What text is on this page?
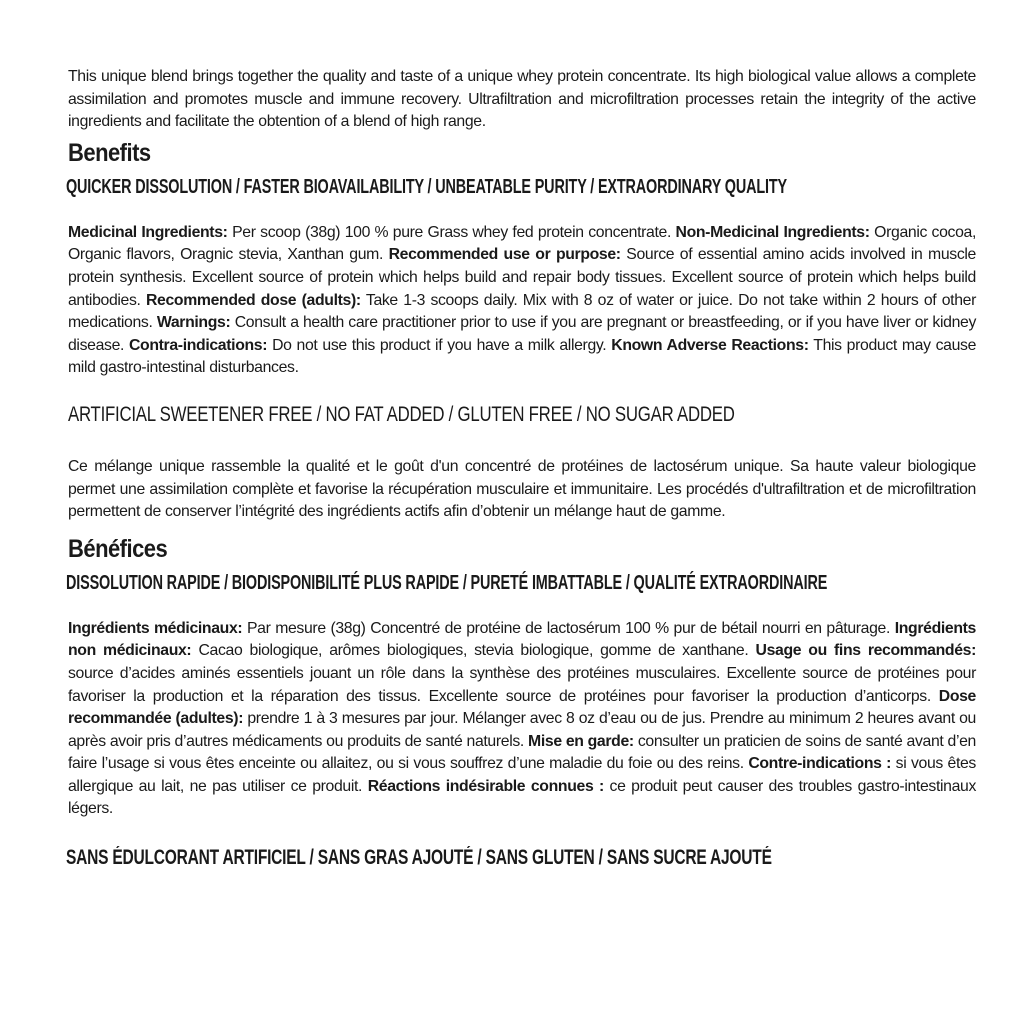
This unique blend brings together the quality and taste of a unique whey protein concentrate. Its high biological value allows a complete assimilation and promotes muscle and immune recovery. Ultrafiltration and microfiltration processes retain the integrity of the active ingredients and facilitate the obtention of a blend of high range.

Benefits
QUICKER DISSOLUTION / FASTER BIOAVAILABILITY / UNBEATABLE PURITY / EXTRAORDINARY QUALITY

Medicinal Ingredients: Per scoop (38g) 100 % pure Grass whey fed protein concentrate. Non-Medicinal Ingredients: Organic cocoa, Organic flavors, Oragnic stevia, Xanthan gum. Recommended use or purpose: Source of essential amino acids involved in muscle protein synthesis. Excellent source of protein which helps build and repair body tissues. Excellent source of protein which helps build antibodies. Recommended dose (adults): Take 1-3 scoops daily. Mix with 8 oz of water or juice. Do not take within 2 hours of other medications. Warnings: Consult a health care practitioner prior to use if you are pregnant or breastfeeding, or if you have liver or kidney disease. Contra-indications: Do not use this product if you have a milk allergy. Known Adverse Reactions: This product may cause mild gastro-intestinal disturbances.

ARTIFICIAL SWEETENER FREE / NO FAT ADDED / GLUTEN FREE / NO SUGAR ADDED

Ce mélange unique rassemble la qualité et le goût d'un concentré de protéines de lactosérum unique. Sa haute valeur biologique permet une assimilation complète et favorise la récupération musculaire et immunitaire. Les procédés d'ultrafiltration et de microfiltration permettent de conserver l’intégrité des ingrédients actifs afin d’obtenir un mélange haut de gamme.

Bénéfices
DISSOLUTION RAPIDE / BIODISPONIBILITÉ PLUS RAPIDE / PURETÉ IMBATTABLE / QUALITÉ EXTRAORDINAIRE

Ingrédients médicinaux: Par mesure (38g) Concentré de protéine de lactosérum 100 % pur de bétail nourri en pâturage. Ingrédients non médicinaux: Cacao biologique, arômes biologiques, stevia biologique, gomme de xanthane. Usage ou fins recommandés: source d’acides aminés essentiels jouant un rôle dans la synthèse des protéines musculaires. Excellente source de protéines pour favoriser la production et la réparation des tissus. Excellente source de protéines pour favoriser la production d’anticorps. Dose recommandée (adultes): prendre 1 à 3 mesures par jour. Mélanger avec 8 oz d’eau ou de jus. Prendre au minimum 2 heures avant ou après avoir pris d’autres médicaments ou produits de santé naturels. Mise en garde: consulter un praticien de soins de santé avant d’en faire l’usage si vous êtes enceinte ou allaitez, ou si vous souffrez d’une maladie du foie ou des reins. Contre-indications : si vous êtes allergique au lait, ne pas utiliser ce produit. Réactions indésirable connues : ce produit peut causer des troubles gastro-intestinaux légers.

SANS ÉDULCORANT ARTIFICIEL / SANS GRAS AJOUTÉ / SANS GLUTEN / SANS SUCRE AJOUTÉ
